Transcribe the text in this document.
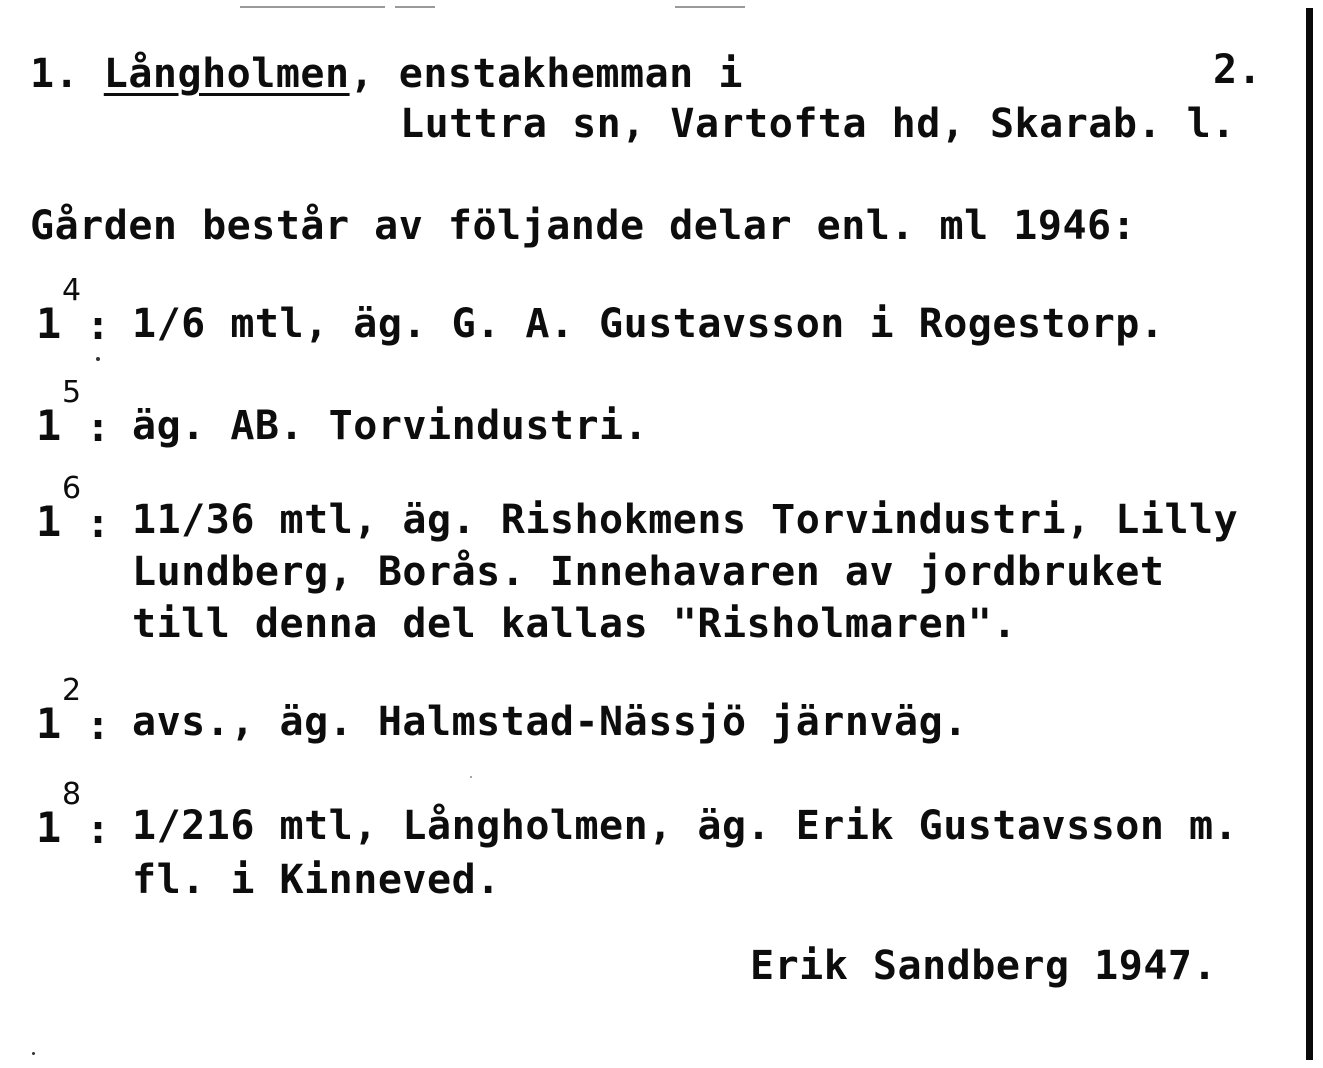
1. Långholmen, enstakhemman i	2.
Luttra sn, Vartofta hd, Skarab. l.
Gården består av följande delar enl. ml 1946:
1
4
: 1/6 mtl, äg. G. A. Gustavsson i Rogestorp.
1
5
: äg. AB. Torvindustri.
1
6
: 11/36 mtl, äg. Rishokmens Torvindustri, Lilly
Lundberg, Borås. Innehavaren av jordbruket
till denna del kallas "Risholmaren".
1
2
: avs., äg. Halmstad-Nässjö järnväg.
1
8
: 1/216 mtl, Långholmen, äg. Erik Gustavsson m.
fl. i Kinneved.
Erik Sandberg 1947.
